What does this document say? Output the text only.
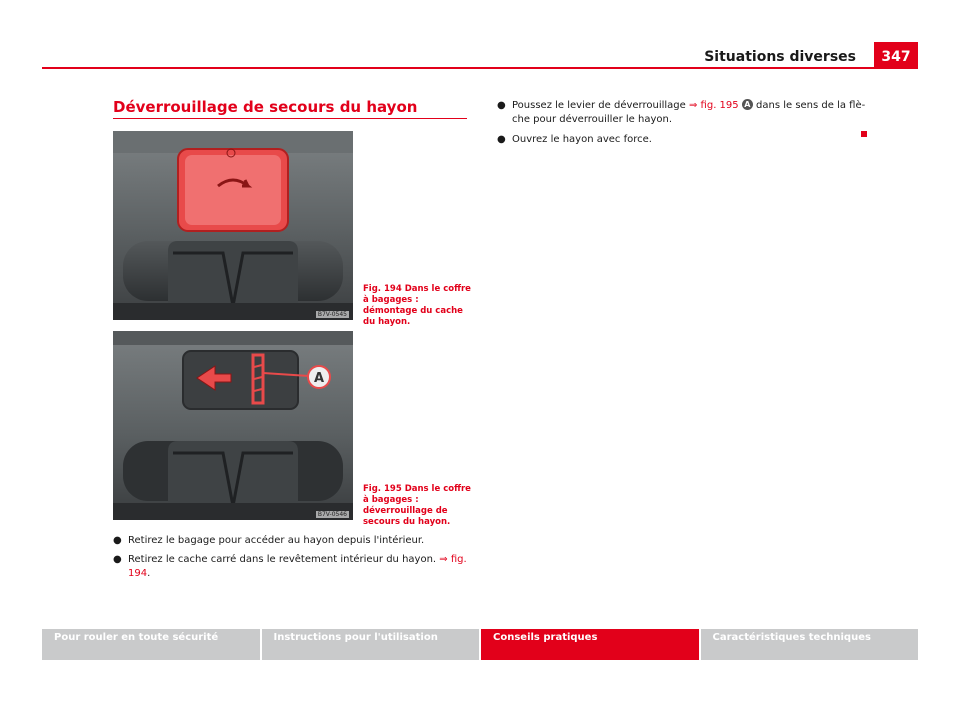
Situations diverses	347
Déverrouillage de secours du hayon
B7V-0545
Fig. 194 Dans le coffre à bagages : démontage du cache du hayon.
A
B7V-0546
Fig. 195 Dans le coffre à bagages : déverrouillage de secours du hayon.
● Retirez le bagage pour accéder au hayon depuis l'intérieur.
● Retirez le cache carré dans le revêtement intérieur du hayon. ⇒ fig. 194.
● Poussez le levier de déverrouillage ⇒ fig. 195 A dans le sens de la flèche pour déverrouiller le hayon.
● Ouvrez le hayon avec force.
Pour rouler en toute sécurité	Instructions pour l'utilisation	Conseils pratiques	Caractéristiques techniques
